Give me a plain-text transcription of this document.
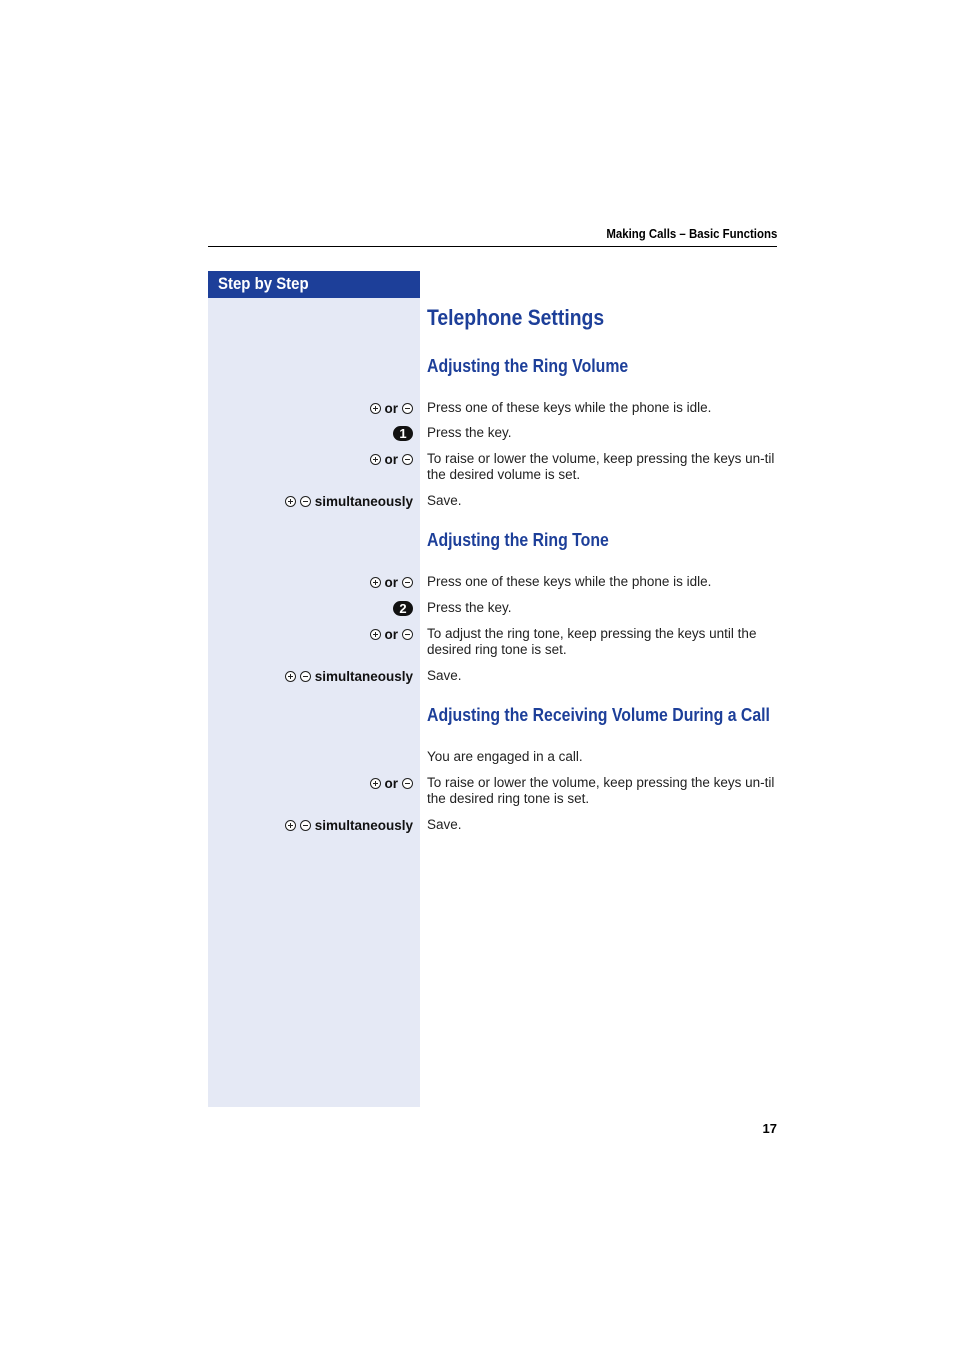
Making Calls – Basic Functions
Step by Step
Telephone Settings
Adjusting the Ring Volume
or Press one of these keys while the phone is idle.
1	Press the key.
or To raise or lower the volume, keep pressing the keys un-til the desired volume is set.
simultaneously Save.
Adjusting the Ring Tone
or Press one of these keys while the phone is idle.
2	Press the key.
or To adjust the ring tone, keep pressing the keys until the desired ring tone is set.
simultaneously Save.
Adjusting the Receiving Volume During a Call
You are engaged in a call.
or To raise or lower the volume, keep pressing the keys un-til the desired ring tone is set.
simultaneously Save.
17
